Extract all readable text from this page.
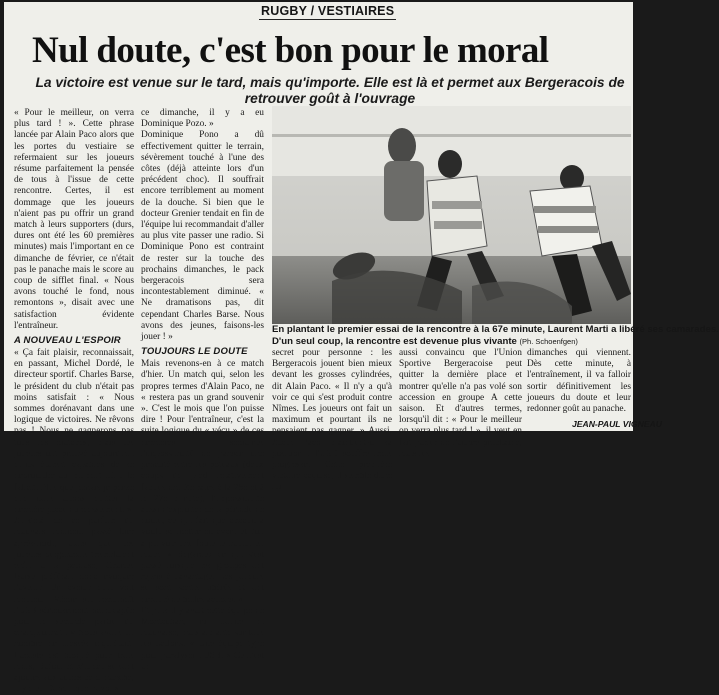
RUGBY / VESTIAIRES
Nul doute, c'est bon pour le moral
La victoire est venue sur le tard, mais qu'importe. Elle est là et permet aux Bergeracois de retrouver goût à l'ouvrage

« Pour le meilleur, on verra plus tard ! ». Cette phrase lancée par Alain Paco alors que les portes du vestiaire se refermaient sur les joueurs résume parfaitement la pensée de tous à l'issue de cette rencontre. Certes, il est dommage que les joueurs n'aient pas pu offrir un grand match à leurs supporters (durs, dures ont été les 60 premières minutes) mais l'important en ce dimanche de février, ce n'était pas le panache mais le score au coup de sifflet final. « Nous avons touché le fond, nous remontons », disait avec une satisfaction évidente l'entraîneur.

A NOUVEAU L'ESPOIR

« Ça fait plaisir, reconnaissait, en passant, Michel Dordé, le directeur sportif. Charles Barse, le président du club n'était pas moins satisfait : « Nous sommes dorénavant dans une logique de victoires. Ne rêvons pas ! Nous ne gagnerons pas tous les matches, mais les joueurs ont prouvé aujourd'hui qu'ils étaient capables de se débrouiller au moment où il le fallait. Plus que jamais je pense que nous allons quitter la dernière place du classement. »

Au-delà de ce parfum du mauvais moment passé hier après-midi, alors que les joueurs bergeracois tremblaient enfin à la pelouse, Charles Barse préférait donc évoquer l'avenir. Un avenir qu'il voit meilleur. Même s'il reconnaît l'USB sérieusement handicapée pour la seconde partie du championnat : « Nous avons un nombre de blessés inquiétant. Lacoste est bloqué pour trois mois, Dufour et Moreau se sont ajoutés aux autres ce dimanche, il y a eu Dominique Pozo. »

ce dimanche, il y a eu Dominique Pozo. »

Dominique Pono a dû effectivement quitter le terrain, sévèrement touché à l'une des côtes (déjà atteinte lors d'un précédent choc). Il souffrait encore terriblement au moment de la douche. Si bien que le docteur Grenier tendait en fin de l'équipe lui recommandait d'aller au plus vite passer une radio. Si Dominique Pono est contraint de rester sur la touche des prochains dimanches, le pack bergeracois sera incontestablement diminué. « Ne dramatisons pas, dit cependant Charles Barse. Nous avons des jeunes, faisons-les jouer ! »

TOUJOURS LE DOUTE

Mais revenons-en à ce match d'hier. Un match qui, selon les propres termes d'Alain Paco, ne « restera pas un grand souvenir ». C'est le mois que l'on puisse dire ! Pour l'entraîneur, c'est la suite logique du « vécu » de ces dernières semaines l'impossibilité de panser une pénalité entre les poteaux (deux coups de pied relativement faciles ont été ratés à la 25e et à la 27e minute), l'impossibilité aussi d'exploiter de la période de doute, ce qui fait que chacun a voulu se mettre en avant et l'on a pu voir une foule le ballon en main. « Regardez ce qui s'est passé lorsque les groupes ont repris à l'avantage. Les joueurs se sont sentis libérés et ont déroulé de belles actions. »

Et puis il y avait cette équipe de Montauban, ni bonne ni mauvaise, mais aimante sur tous les ballons. « Une équipe type pour paralyser l'USB. » Ce n'est un

En plantant le premier essai de la rencontre à la 67e minute, Laurent Marti a libéré ses camarades.
D'un seul coup, la rencontre est devenue plus vivante (Ph. Schoenfgen)

secret pour personne : les Bergeracois jouent bien mieux devant les grosses cylindrées, dit Alain Paco. « Il n'y a qu'à voir ce qui s'est produit contre Nîmes. Les joueurs ont fait un maximum et pourtant ils ne pensaient pas gagner. » Aussi, Alain Paco maintient-il sa position : l'USB souffre mais progresse. Cette première victoire acquise, il semble donc lui

aussi convaincu que l'Union Sportive Bergeracoise peut quitter la dernière place et montrer qu'elle n'a pas volé son accession en groupe A cette saison. Et d'autres termes, lorsqu'il dit : « Pour le meilleur on verra plus tard ! », il veut en fait parler de l'année prochaine, mais les

dimanches qui viennent. Dès cette minute, à l'entraînement, il va falloir sortir définitivement les joueurs du doute et leur redonner goût au panache.

JEAN-PAUL VIGNEAU
